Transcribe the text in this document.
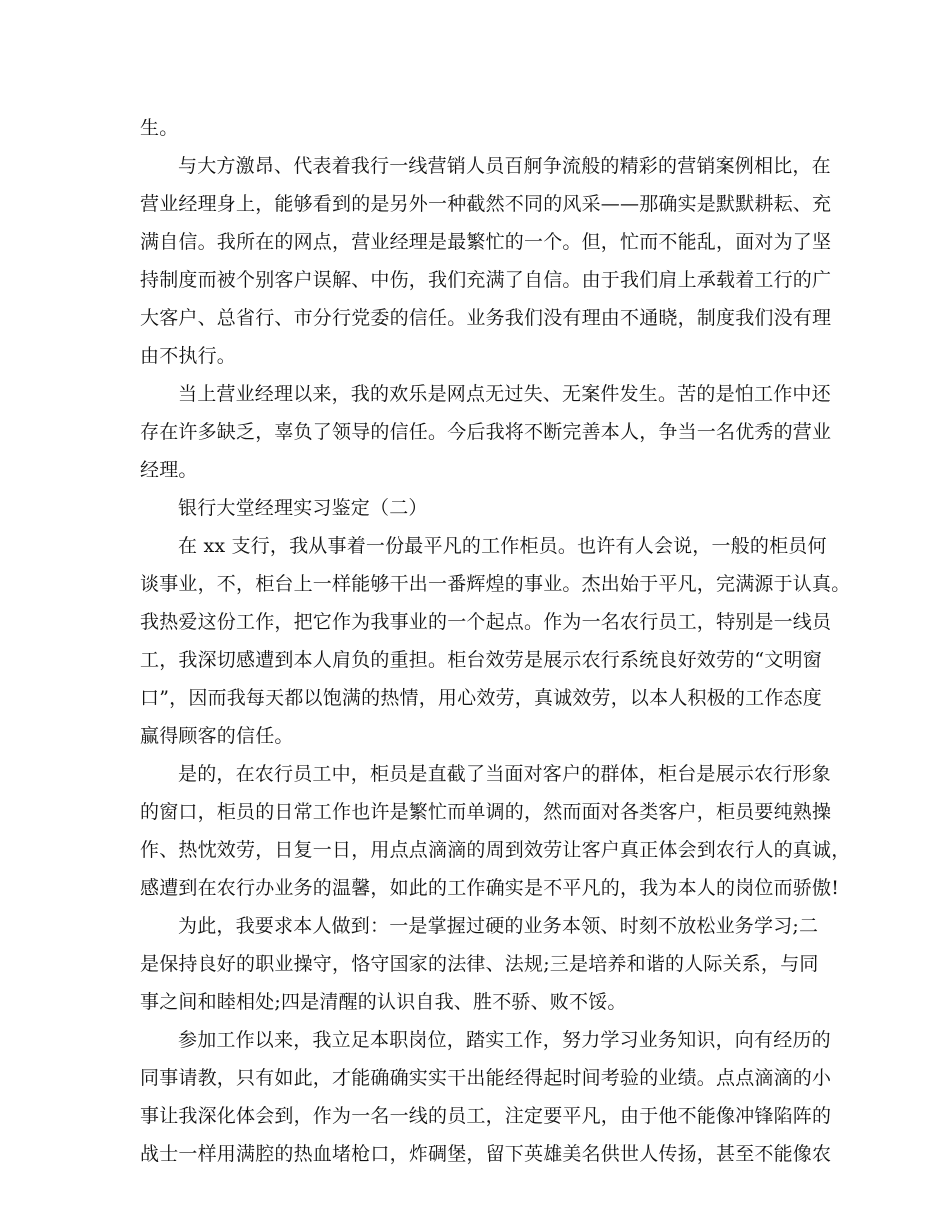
生。
与大方激昂、代表着我行一线营销人员百舸争流般的精彩的营销案例相比，在
营业经理身上，能够看到的是另外一种截然不同的风采——那确实是默默耕耘、充
满自信。我所在的网点，营业经理是最繁忙的一个。但，忙而不能乱，面对为了坚
持制度而被个别客户误解、中伤，我们充满了自信。由于我们肩上承载着工行的广
大客户、总省行、市分行党委的信任。业务我们没有理由不通晓，制度我们没有理
由不执行。
当上营业经理以来，我的欢乐是网点无过失、无案件发生。苦的是怕工作中还
存在许多缺乏，辜负了领导的信任。今后我将不断完善本人，争当一名优秀的营业
经理。
银行大堂经理实习鉴定（二）
在 xx 支行，我从事着一份最平凡的工作柜员。也许有人会说，一般的柜员何
谈事业，不，柜台上一样能够干出一番辉煌的事业。杰出始于平凡，完满源于认真。
我热爱这份工作，把它作为我事业的一个起点。作为一名农行员工，特别是一线员
工，我深切感遭到本人肩负的重担。柜台效劳是展示农行系统良好效劳的“文明窗
口”，因而我每天都以饱满的热情，用心效劳，真诚效劳，以本人积极的工作态度
赢得顾客的信任。
是的，在农行员工中，柜员是直截了当面对客户的群体，柜台是展示农行形象
的窗口，柜员的日常工作也许是繁忙而单调的，然而面对各类客户，柜员要纯熟操
作、热忱效劳，日复一日，用点点滴滴的周到效劳让客户真正体会到农行人的真诚，
感遭到在农行办业务的温馨，如此的工作确实是不平凡的，我为本人的岗位而骄傲!
为此，我要求本人做到：一是掌握过硬的业务本领、时刻不放松业务学习;二
是保持良好的职业操守，恪守国家的法律、法规;三是培养和谐的人际关系，与同
事之间和睦相处;四是清醒的认识自我、胜不骄、败不馁。
参加工作以来，我立足本职岗位，踏实工作，努力学习业务知识，向有经历的
同事请教，只有如此，才能确确实实干出能经得起时间考验的业绩。点点滴滴的小
事让我深化体会到，作为一名一线的员工，注定要平凡，由于他不能像冲锋陷阵的
战士一样用满腔的热血堵枪口，炸碉堡，留下英雄美名供世人传扬，甚至不能像农
